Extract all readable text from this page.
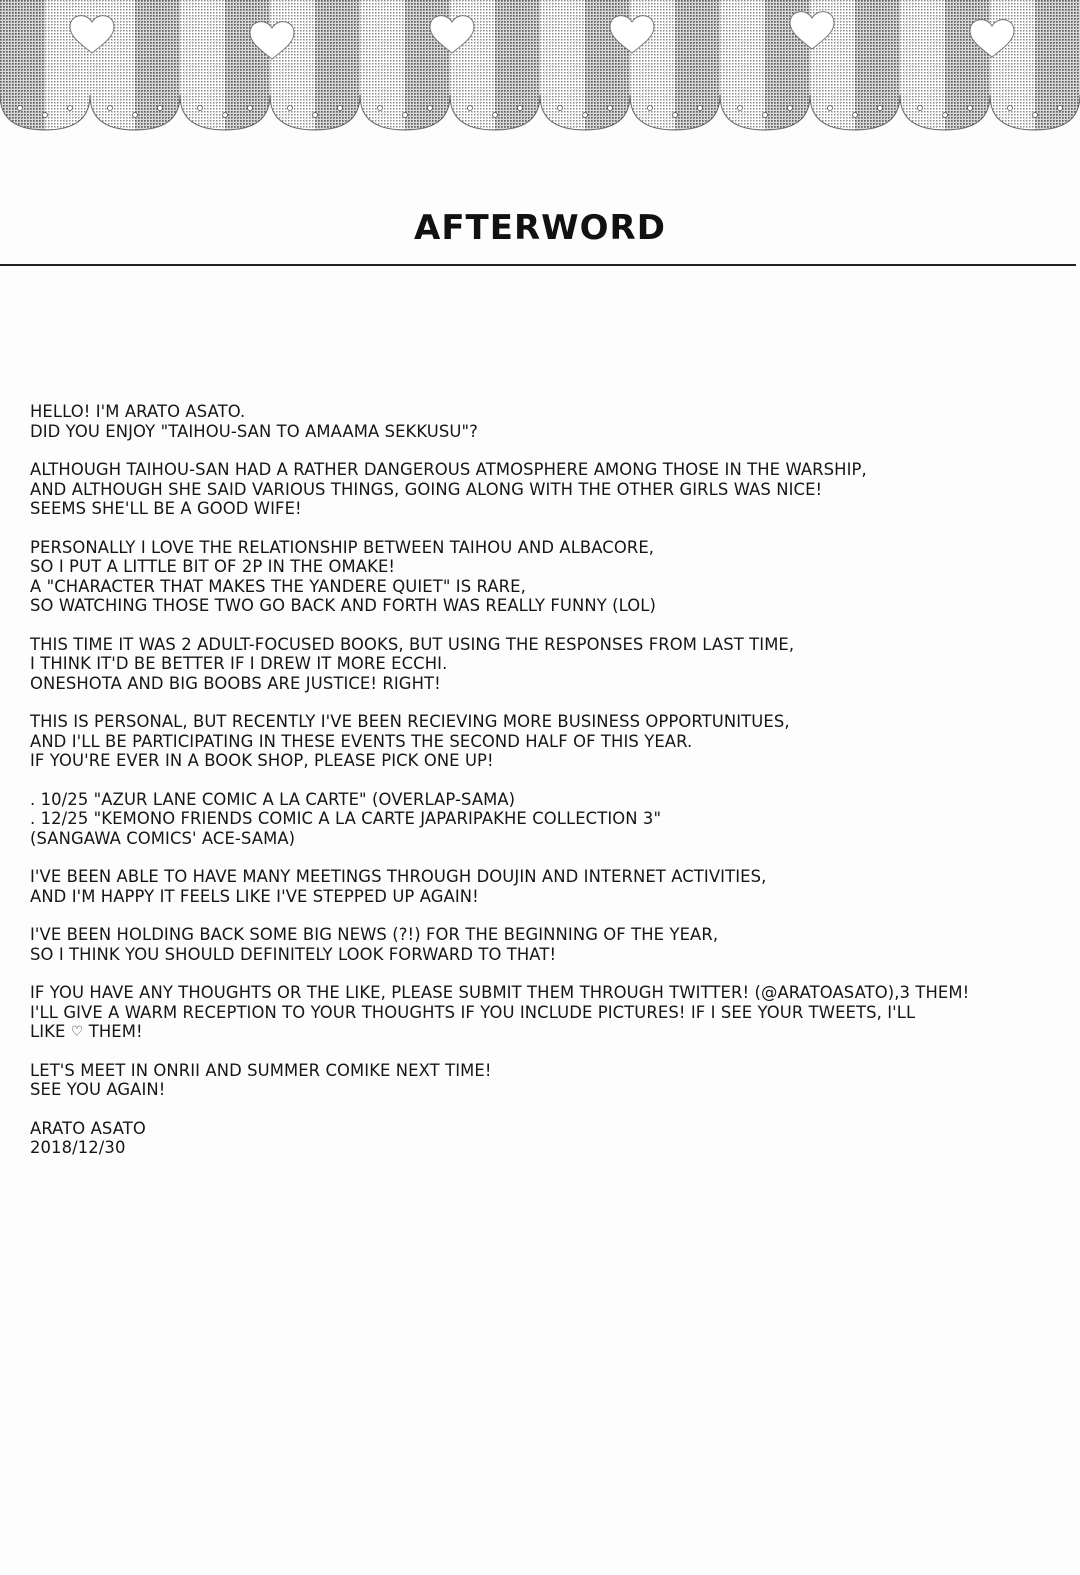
AFTERWORD

HELLO! I'M ARATO ASATO.
DID YOU ENJOY "TAIHOU-SAN TO AMAAMA SEKKUSU"?

ALTHOUGH TAIHOU-SAN HAD A RATHER DANGEROUS ATMOSPHERE AMONG THOSE IN THE WARSHIP,
AND ALTHOUGH SHE SAID VARIOUS THINGS, GOING ALONG WITH THE OTHER GIRLS WAS NICE!
SEEMS SHE'LL BE A GOOD WIFE!

PERSONALLY I LOVE THE RELATIONSHIP BETWEEN TAIHOU AND ALBACORE,
SO I PUT A LITTLE BIT OF 2P IN THE OMAKE!
A "CHARACTER THAT MAKES THE YANDERE QUIET" IS RARE,
SO WATCHING THOSE TWO GO BACK AND FORTH WAS REALLY FUNNY (LOL)

THIS TIME IT WAS 2 ADULT-FOCUSED BOOKS, BUT USING THE RESPONSES FROM LAST TIME,
I THINK IT'D BE BETTER IF I DREW IT MORE ECCHI.
ONESHOTA AND BIG BOOBS ARE JUSTICE! RIGHT!

THIS IS PERSONAL, BUT RECENTLY I'VE BEEN RECIEVING MORE BUSINESS OPPORTUNITUES,
AND I'LL BE PARTICIPATING IN THESE EVENTS THE SECOND HALF OF THIS YEAR.
IF YOU'RE EVER IN A BOOK SHOP, PLEASE PICK ONE UP!

. 10/25 "AZUR LANE COMIC A LA CARTE" (OVERLAP-SAMA)
. 12/25 "KEMONO FRIENDS COMIC A LA CARTE JAPARIPAKHE COLLECTION 3"
(SANGAWA COMICS' ACE-SAMA)

I'VE BEEN ABLE TO HAVE MANY MEETINGS THROUGH DOUJIN AND INTERNET ACTIVITIES,
AND I'M HAPPY IT FEELS LIKE I'VE STEPPED UP AGAIN!

I'VE BEEN HOLDING BACK SOME BIG NEWS (?!) FOR THE BEGINNING OF THE YEAR,
SO I THINK YOU SHOULD DEFINITELY LOOK FORWARD TO THAT!

IF YOU HAVE ANY THOUGHTS OR THE LIKE, PLEASE SUBMIT THEM THROUGH TWITTER! (@ARATOASATO),3 THEM!
I'LL GIVE A WARM RECEPTION TO YOUR THOUGHTS IF YOU INCLUDE PICTURES! IF I SEE YOUR TWEETS, I'LL
LIKE ♡ THEM!

LET'S MEET IN ONRII AND SUMMER COMIKE NEXT TIME!
SEE YOU AGAIN!

ARATO ASATO
2018/12/30
